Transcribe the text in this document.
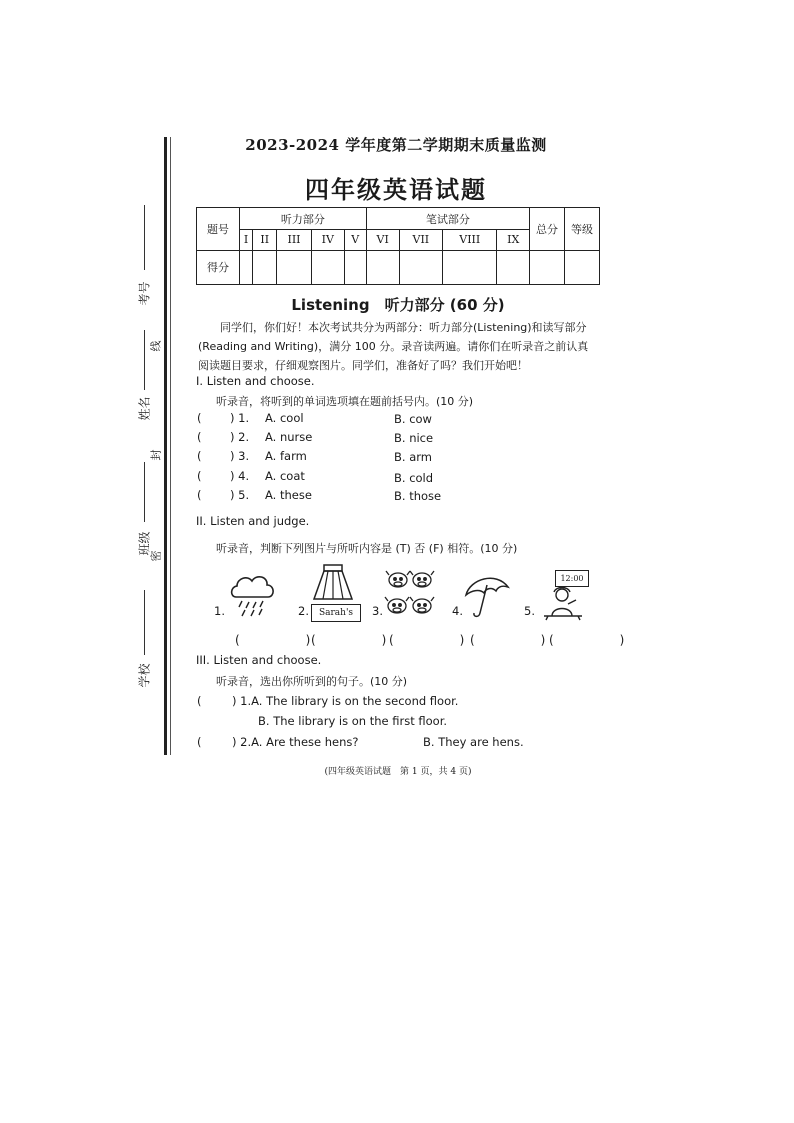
考号
姓名
班级
学校
线
封
密
2023-2024 学年度第二学期期末质量监测
四年级英语试题
题号	听力部分					笔试部分				总分	等级
	I	II	III	IV	V	VI	VII	VIII	IX		
得分											
Listening　听力部分 (60 分)
同学们，你们好！本次考试共分为两部分：听力部分(Listening)和读写部分(Reading and Writing)，满分 100 分。录音读两遍。请你们在听录音之前认真阅读题目要求，仔细观察图片。同学们，准备好了吗？我们开始吧！
I. Listen and choose.
听录音，将听到的单词选项填在题前括号内。(10 分)
( ) 1. A. cool	B. cow
( ) 2. A. nurse	B. nice
( ) 3. A. farm	B. arm
( ) 4. A. coat	B. cold
( ) 5. A. these	B. those
II. Listen and judge.
听录音，判断下列图片与所听内容是 (T) 否 (F) 相符。(10 分)
1.	2.	Sarah's	3.	4.	5.
12:00
(　　)
(　　)
(　　)
(　　)
(　　)
III. Listen and choose.
听录音，选出你所听到的句子。(10 分)
(	) 1.A. The library is on the second floor.
B. The library is on the first floor.
(	) 2.A. Are these hens?	B. They are hens.
(四年级英语试题　第 1 页，共 4 页)
